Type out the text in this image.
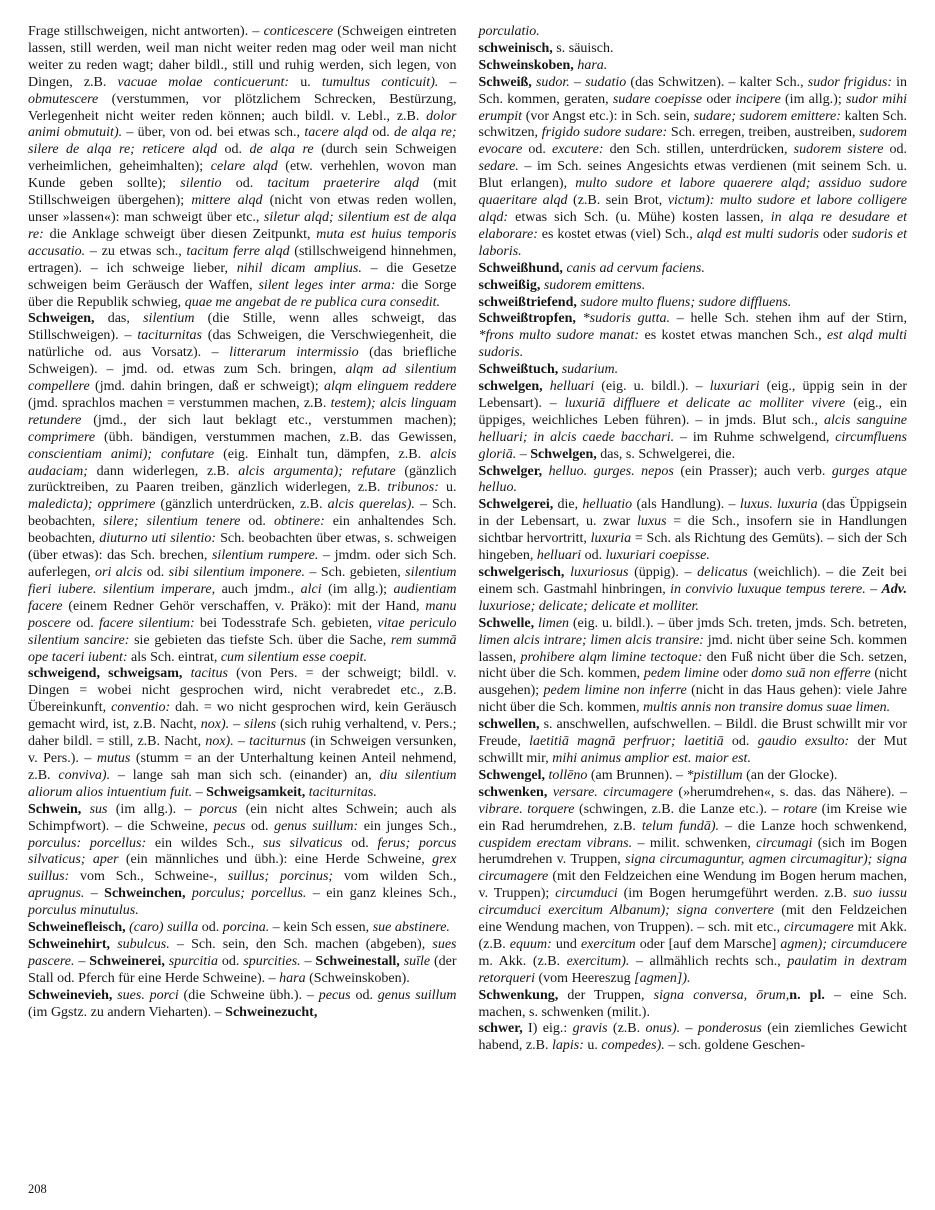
Frage stillschweigen, nicht antworten). – conticescere (Schweigen eintreten lassen, still werden, weil man nicht weiter reden mag oder weil man nicht weiter zu reden wagt; daher bildl., still und ruhig werden, sich legen, von Dingen, z.B. vacuae molae conticuerunt: u. tumultus conticuit). – obmutescere (verstummen, vor plötzlichem Schrecken, Bestürzung, Verlegenheit nicht weiter reden können; auch bildl. v. Lebl., z.B. dolor animi obmutuit). – über, von od. bei etwas sch., tacere alqd od. de alqa re; silere de alqa re; reticere alqd od. de alqa re (durch sein Schweigen verheimlichen, geheimhalten); celare alqd (etw. verhehlen, wovon man Kunde geben sollte); silentio od. tacitum praeterire alqd (mit Stillschweigen übergehen); mittere alqd (nicht von etwas reden wollen, unser »lassen«): man schweigt über etc., siletur alqd; silentium est de alqa re: die Anklage schweigt über diesen Zeitpunkt, muta est huius temporis accusatio. – zu etwas sch., tacitum ferre alqd (stillschweigend hinnehmen, ertragen). – ich schweige lieber, nihil dicam amplius. – die Gesetze schweigen beim Geräusch der Waffen, silent leges inter arma: die Sorge über die Republik schwieg, quae me angebat de re publica cura consedit.

Schweigen, das, silentium (die Stille, wenn alles schweigt, das Stillschweigen). – taciturnitas (das Schweigen, die Verschwiegenheit, die natürliche od. aus Vorsatz). – litterarum intermissio (das briefliche Schweigen). – jmd. od. etwas zum Sch. bringen, alqm ad silentium compellere (jmd. dahin bringen, daß er schweigt); alqm elinguem reddere (jmd. sprachlos machen = verstummen machen, z.B. testem); alcis linguam retundere (jmd., der sich laut beklagt etc., verstummen machen); comprimere (übh. bändigen, verstummen machen, z.B. das Gewissen, conscientiam animi); confutare (eig. Einhalt tun, dämpfen, z.B. alcis audaciam; dann widerlegen, z.B. alcis argumenta); refutare (gänzlich zurücktreiben, zu Paaren treiben, gänzlich widerlegen, z.B. tribunos: u. maledicta); opprimere (gänzlich unterdrücken, z.B. alcis querelas). – Sch. beobachten, silere; silentium tenere od. obtinere: ein anhaltendes Sch. beobachten, diuturno uti silentio: Sch. beobachten über etwas, s. schweigen (über etwas): das Sch. brechen, silentium rumpere. – jmdm. oder sich Sch. auferlegen, ori alcis od. sibi silentium imponere. – Sch. gebieten, silentium fieri iubere. silentium imperare, auch jmdm., alci (im allg.); audientiam facere (einem Redner Gehör verschaffen, v. Präko): mit der Hand, manu poscere od. facere silentium: bei Todesstrafe Sch. gebieten, vitae periculo silentium sancire: sie gebieten das tiefste Sch. über die Sache, rem summā ope taceri iubent: als Sch. eintrat, cum silentium esse coepit.

schweigend, schweigsam, tacitus (von Pers. = der schweigt; bildl. v. Dingen = wobei nicht gesprochen wird, nicht verabredet etc., z.B. Übereinkunft, conventio: dah. = wo nicht gesprochen wird, kein Geräusch gemacht wird, ist, z.B. Nacht, nox). – silens (sich ruhig verhaltend, v. Pers.; daher bildl. = still, z.B. Nacht, nox). – taciturnus (in Schweigen versunken, v. Pers.). – mutus (stumm = an der Unterhaltung keinen Anteil nehmend, z.B. conviva). – lange sah man sich sch. (einander) an, diu silentium aliorum alios intuentium fuit. – Schweigsamkeit, taciturnitas.

Schwein, sus (im allg.). – porcus (ein nicht altes Schwein; auch als Schimpfwort). – die Schweine, pecus od. genus suillum: ein junges Sch., porculus: porcellus: ein wildes Sch., sus silvaticus od. ferus; porcus silvaticus; aper (ein männliches und übh.): eine Herde Schweine, grex suillus: vom Sch., Schweine-, suillus; porcinus; vom wilden Sch., aprugnus. – Schweinchen, porculus; porcellus. – ein ganz kleines Sch., porculus minutulus.

Schweinefleisch, (caro) suilla od. porcina. – kein Sch essen, sue abstinere.

Schweinehirt, subulcus. – Sch. sein, den Sch. machen (abgeben), sues pascere. – Schweinerei, spurcitia od. spurcities. – Schweinestall, suīle (der Stall od. Pferch für eine Herde Schweine). – hara (Schweinskoben).

Schweinevieh, sues. porci (die Schweine übh.). – pecus od. genus suillum (im Ggstz. zu andern Vieharten). – Schweinezucht,

porculatio.

schweinisch, s. säuisch.

Schweinskoben, hara.

Schweiß, sudor. – sudatio (das Schwitzen). – kalter Sch., sudor frigidus: in Sch. kommen, geraten, sudare coepisse oder incipere (im allg.); sudor mihi erumpit (vor Angst etc.): in Sch. sein, sudare; sudorem emittere: kalten Sch. schwitzen, frigido sudore sudare: Sch. erregen, treiben, austreiben, sudorem evocare od. excutere: den Sch. stillen, unterdrücken, sudorem sistere od. sedare. – im Sch. seines Angesichts etwas verdienen (mit seinem Sch. u. Blut erlangen), multo sudore et labore quaerere alqd; assiduo sudore quaeritare alqd (z.B. sein Brot, victum): multo sudore et labore colligere alqd: etwas sich Sch. (u. Mühe) kosten lassen, in alqa re desudare et elaborare: es kostet etwas (viel) Sch., alqd est multi sudoris oder sudoris et laboris.

Schweißhund, canis ad cervum faciens.

schweißig, sudorem emittens.

schweißtriefend, sudore multo fluens; sudore diffluens.

Schweißtropfen, *sudoris gutta. – helle Sch. stehen ihm auf der Stirn, *frons multo sudore manat: es kostet etwas manchen Sch., est alqd multi sudoris.

Schweißtuch, sudarium.

schwelgen, helluari (eig. u. bildl.). – luxuriari (eig., üppig sein in der Lebensart). – luxuriā diffluere et delicate ac molliter vivere (eig., ein üppiges, weichliches Leben führen). – in jmds. Blut sch., alcis sanguine helluari; in alcis caede bacchari. – im Ruhme schwelgend, circumfluens gloriā. – Schwelgen, das, s. Schwelgerei, die.

Schwelger, helluo. gurges. nepos (ein Prasser); auch verb. gurges atque helluo.

Schwelgerei, die, helluatio (als Handlung). – luxus. luxuria (das Üppigsein in der Lebensart, u. zwar luxus = die Sch., insofern sie in Handlungen sichtbar hervortritt, luxuria = Sch. als Richtung des Gemüts). – sich der Sch hingeben, helluari od. luxuriari coepisse.

schwelgerisch, luxuriosus (üppig). – delicatus (weichlich). – die Zeit bei einem sch. Gastmahl hinbringen, in convivio luxuque tempus terere. – Adv. luxuriose; delicate; delicate et molliter.

Schwelle, limen (eig. u. bildl.). – über jmds Sch. treten, jmds. Sch. betreten, limen alcis intrare; limen alcis transire: jmd. nicht über seine Sch. kommen lassen, prohibere alqm limine tectoque: den Fuß nicht über die Sch. setzen, nicht über die Sch. kommen, pedem limine oder domo suā non efferre (nicht ausgehen); pedem limine non inferre (nicht in das Haus gehen): viele Jahre nicht über die Sch. kommen, multis annis non transire domus suae limen.

schwellen, s. anschwellen, aufschwellen. – Bildl. die Brust schwillt mir vor Freude, laetitiā magnā perfruor; laetitiā od. gaudio exsulto: der Mut schwillt mir, mihi animus amplior est. maior est.

Schwengel, tollēno (am Brunnen). – *pistillum (an der Glocke).

schwenken, versare. circumagere (»herumdrehen«, s. das. das Nähere). – vibrare. torquere (schwingen, z.B. die Lanze etc.). – rotare (im Kreise wie ein Rad herumdrehen, z.B. telum fundā). – die Lanze hoch schwenkend, cuspidem erectam vibrans. – milit. schwenken, circumagi (sich im Bogen herumdrehen v. Truppen, signa circumaguntur, agmen circumagitur); signa circumagere (mit den Feldzeichen eine Wendung im Bogen herum machen, v. Truppen); circumduci (im Bogen herumgeführt werden. z.B. suo iussu circumduci exercitum Albanum); signa convertere (mit den Feldzeichen eine Wendung machen, von Truppen). – sch. mit etc., circumagere mit Akk. (z.B. equum: und exercitum oder [auf dem Marsche] agmen); circumducere m. Akk. (z.B. exercitum). – allmählich rechts sch., paulatim in dextram retorqueri (vom Heereszug [agmen]).

Schwenkung, der Truppen, signa conversa, ōrum,n. pl. – eine Sch. machen, s. schwenken (milit.).

schwer, I) eig.: gravis (z.B. onus). – ponderosus (ein ziemliches Gewicht habend, z.B. lapis: u. compedes). – sch. goldene Geschen-

208
